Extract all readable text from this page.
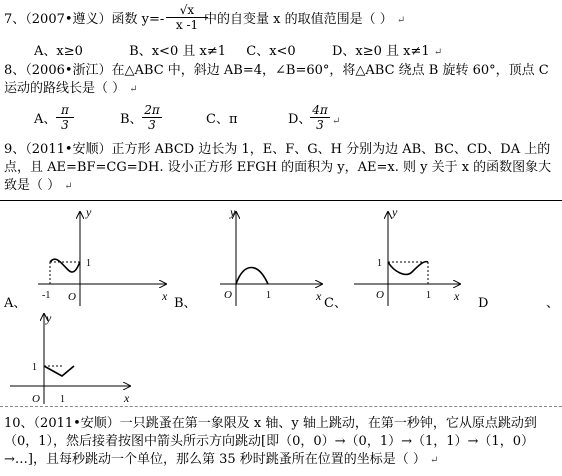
7、（2007•遵义）函数 $y=- \frac{√x}{x -1}$
中的自变量 x 的取值范围是（ ） ↵
A、x≥0	B、x<0 且 x≠1 C、x<0	D、x≥0 且 x≠1 ↵
8、（2006•浙江）在△ABC 中，斜边 AB=4，∠B=60°，将△ABC 绕点 B 旋转 60°，顶点 C
运动的路线长是（ ） ↵
A、 $\frac{\pi}{3}$	B、 $\frac{2\pi}{3}$	C、π	D、
$\frac{4\pi}{3}$ ↵
9、（2011•安顺）正方形 ABCD 边长为 1，E、F、G、H 分别为边 AB、BC、CD、DA 上的
点，且 AE=BF=CG=DH. 设小正方形 EFGH 的面积为 y，AE=x. 则 y 关于 x 的函数图象大
致是（ ） ↵
y
x
O
-1
1
A、
y
x
O	1
B、
y
x
O
1
1
C、	D	、
y
x
O
1
1
10、（2011•安顺）一只跳蚤在第一象限及 x 轴、y 轴上跳动，在第一秒钟，它从原点跳动到
（0，1），然后接着按图中箭头所示方向跳动[即（0，0）→（0，1）→（1，1）→（1，0）
→…]，且每秒跳动一个单位，那么第 35 秒时跳蚤所在位置的坐标是（ ） ↵
